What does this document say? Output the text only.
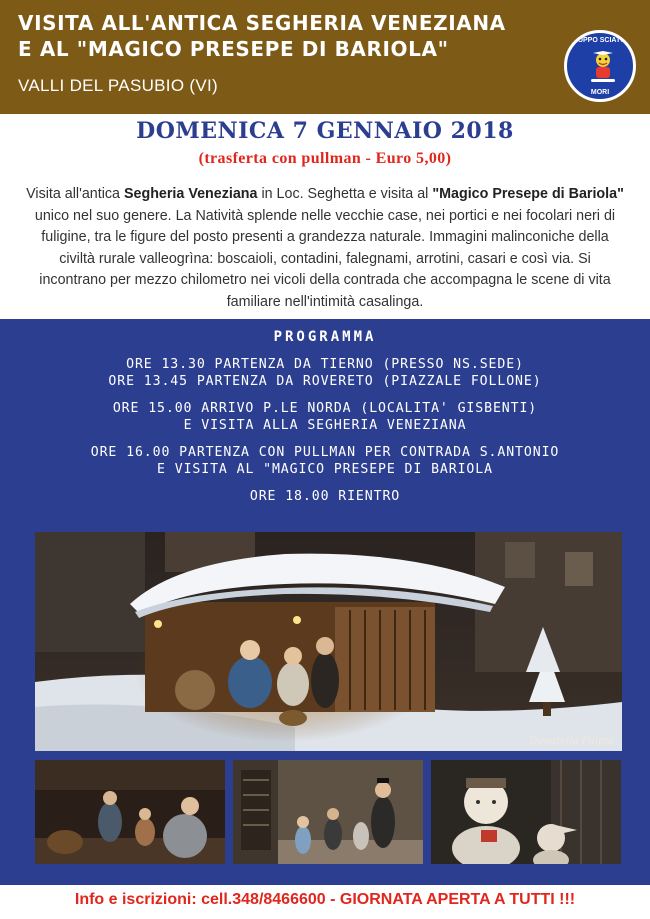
VISITA ALL'ANTICA SEGHERIA VENEZIANA
E AL "MAGICO PRESEPE DI BARIOLA"
VALLI DEL PASUBIO (VI)
GRUPPO SCIATORI
MORI
DOMENICA 7 GENNAIO 2018
(trasferta con pullman - Euro 5,00)
Visita all'antica Segheria Veneziana in Loc. Seghetta e visita al "Magico Presepe di Bariola" unico nel suo genere. La Natività splende nelle vecchie case, nei portici e nei focolari neri di fuligine, tra le figure del posto presenti a grandezza naturale. Immagini malinconiche della civiltà rurale valleogrìna: boscaioli, contadini, falegnami, arrotini, casari e così via. Si incontrano per mezzo chilometro nei vicoli della contrada che accompagna le scene di vita familiare nell'intimità casalinga.
PROGRAMMA
ORE 13.30 PARTENZA DA TIERNO (PRESSO NS.SEDE)
ORE 13.45 PARTENZA DA ROVERETO (PIAZZALE FOLLONE)
ORE 15.00 ARRIVO P.LE NORDA (LOCALITA' GISBENTI)
E VISITA ALLA SEGHERIA VENEZIANA
ORE 16.00 PARTENZA CON PULLMAN PER CONTRADA S.ANTONIO
E VISITA AL "MAGICO PRESEPE DI BARIOLA
ORE 18.00 RIENTRO
Donatella Filippi
Info e iscrizioni: cell.348/8466600 - GIORNATA APERTA A TUTTI !!!
